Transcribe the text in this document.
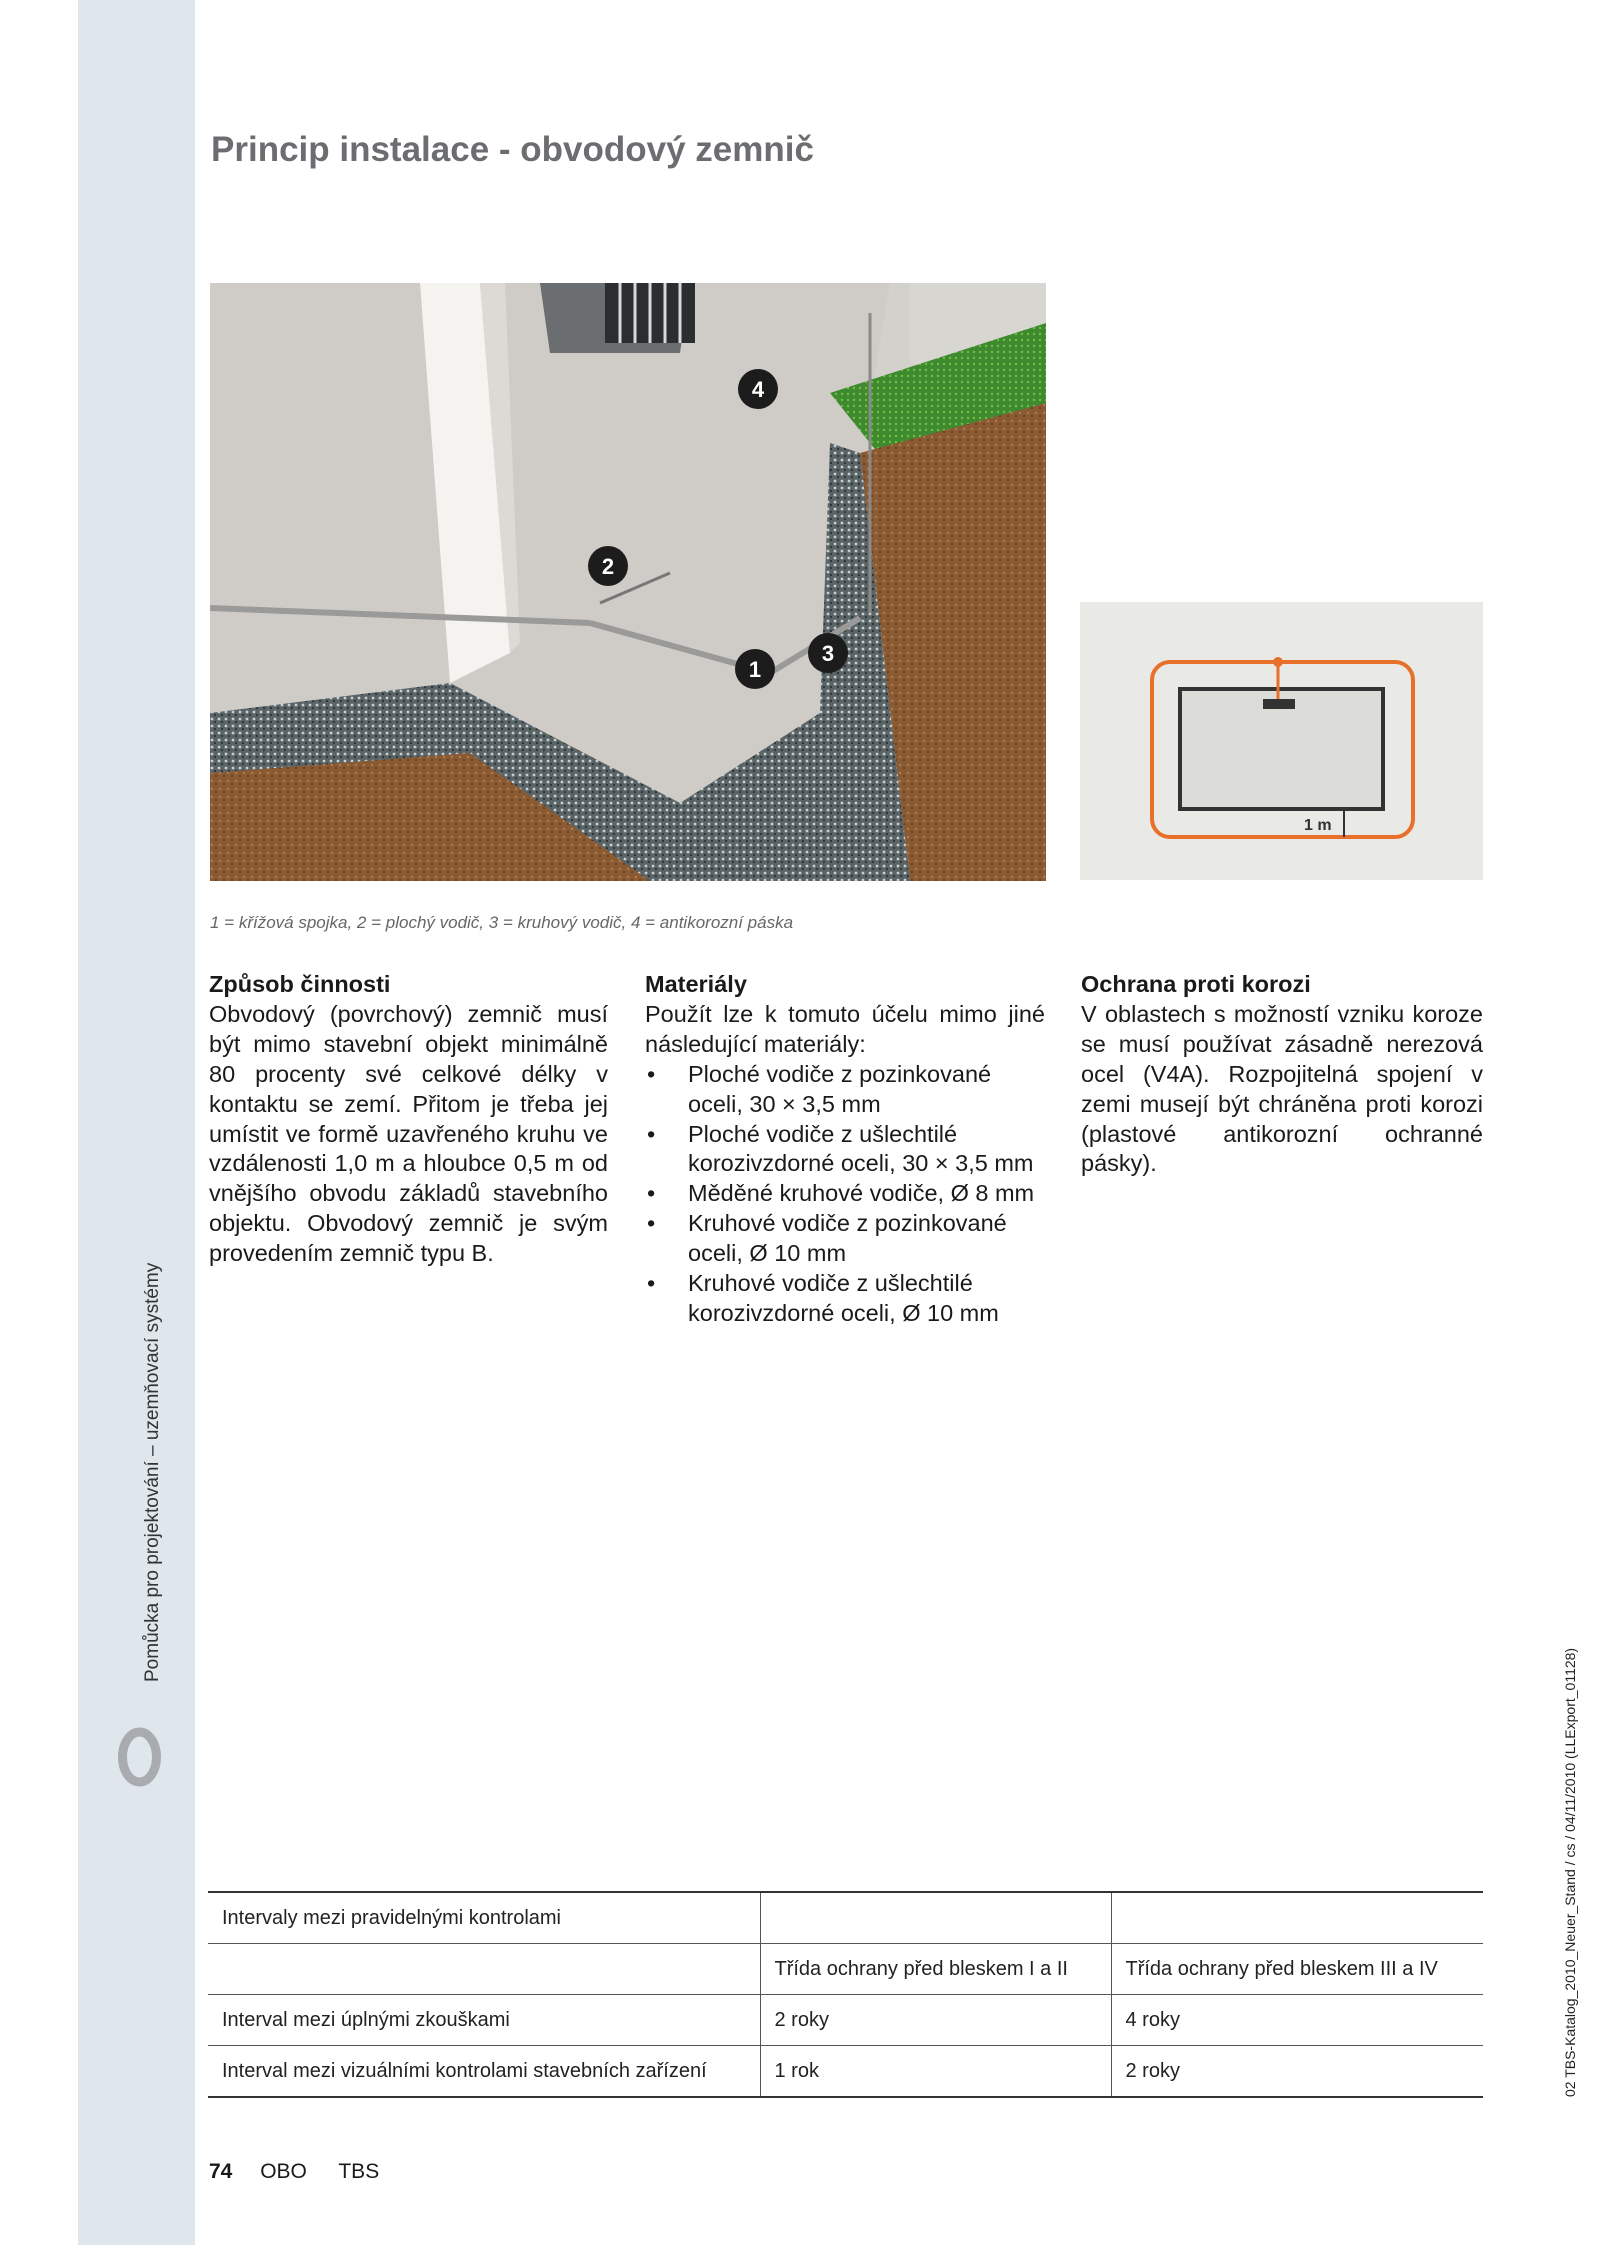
Pomůcka pro projektování – uzemňovací systémy
02 TBS-Katalog_2010_Neuer_Stand / cs / 04/11/2010 (LLExport_01128)
Princip instalace - obvodový zemnič
4
2
3
1
1 m
1 = křížová spojka, 2 = plochý vodič, 3 = kruhový vodič, 4 = antikorozní páska
Způsob činnosti

Obvodový (povrchový) zemnič musí být mimo stavební objekt minimálně 80 procenty své celkové délky v kontaktu se zemí. Přitom je třeba jej umístit ve formě uzavřeného kruhu ve vzdálenosti 1,0 m a hloubce 0,5 m od vnějšího obvodu základů stavebního objektu. Obvodový zemnič je svým provedením zemnič typu B.

Materiály

Použít lze k tomuto účelu mimo jiné následující materiály:

• Ploché vodiče z pozinkované oceli, 30 × 3,5 mm
• Ploché vodiče z ušlechtilé korozivzdorné oceli, 30 × 3,5 mm
• Měděné kruhové vodiče, Ø 8 mm
• Kruhové vodiče z pozinkované oceli, Ø 10 mm
• Kruhové vodiče z ušlechtilé korozivzdorné oceli, Ø 10 mm
Ochrana proti korozi

V oblastech s možností vzniku koroze se musí používat zásadně nerezová ocel (V4A). Rozpojitelná spojení v zemi musejí být chráněna proti korozi (plastové antikorozní ochranné pásky).

Intervaly mezi pravidelnými kontrolami		
	Třída ochrany před bleskem I a II	Třída ochrany před bleskem III a IV
Interval mezi úplnými zkouškami	2 roky	4 roky
Interval mezi vizuálními kontrolami stavebních zařízení	1 rok	2 roky
74 OBO TBS
